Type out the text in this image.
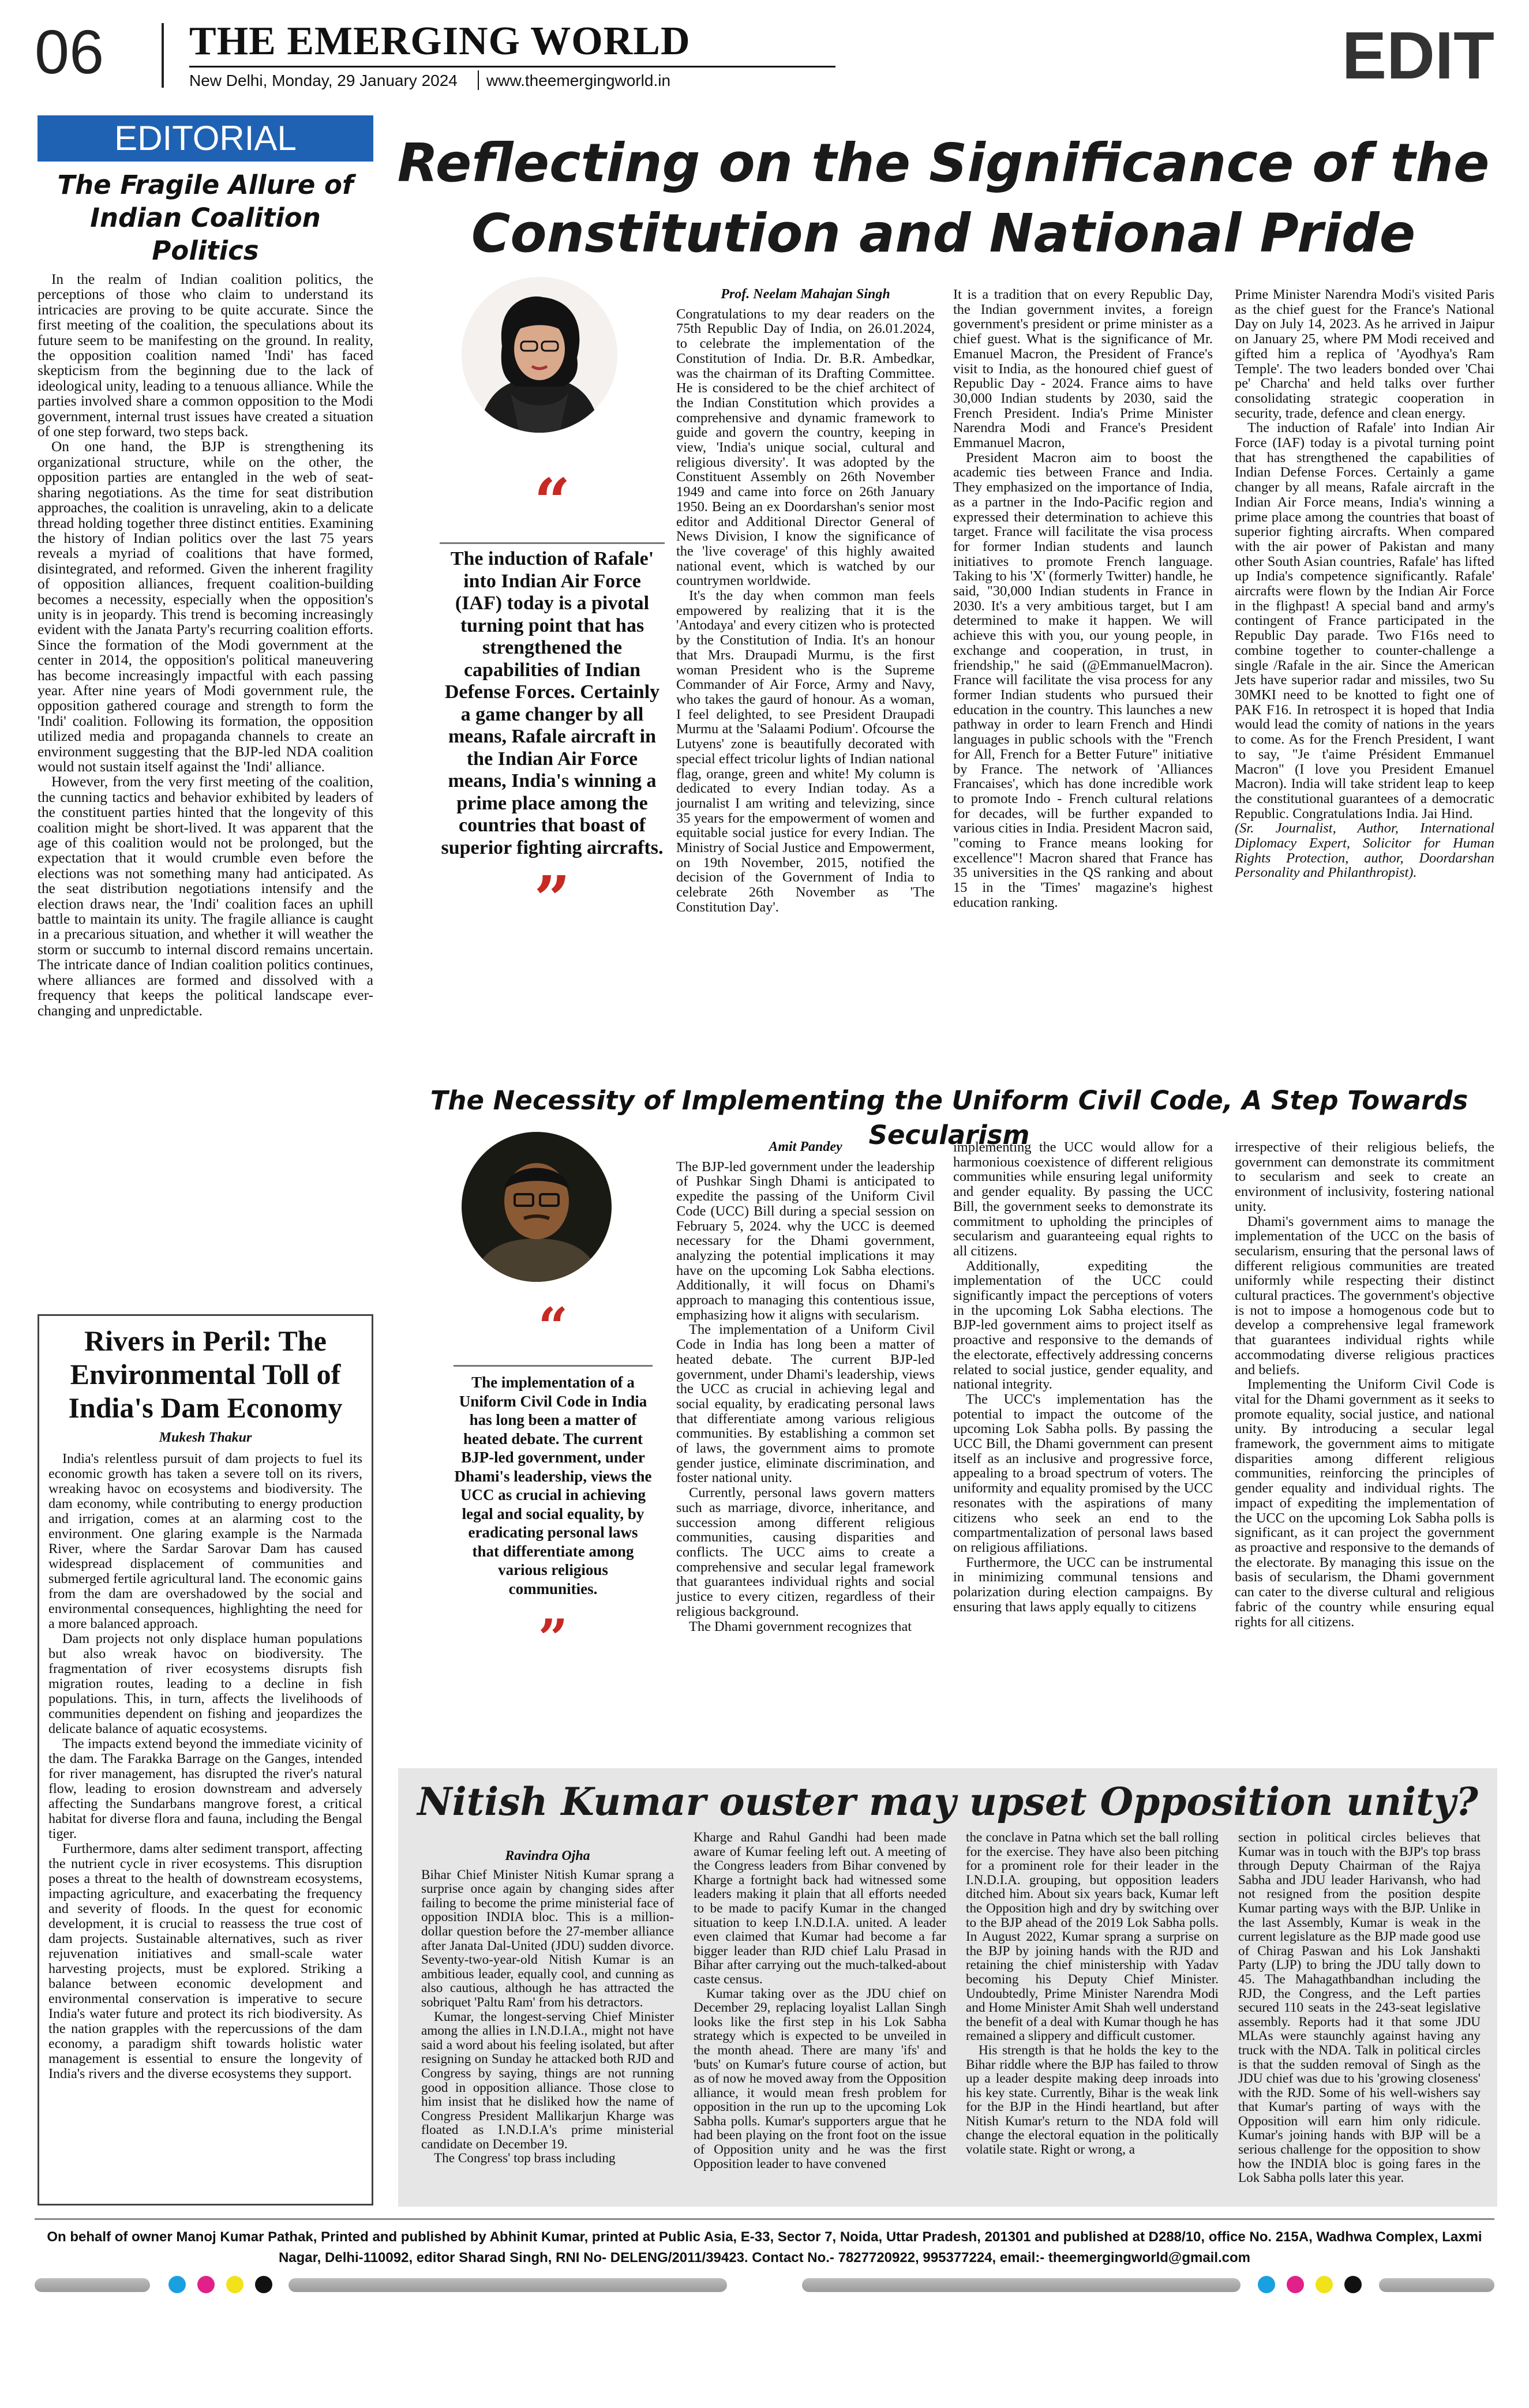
06 THE EMERGING WORLD
New Delhi, Monday, 29 January 2024 www.theemergingworld.in	EDIT
EDITORIAL
The Fragile Allure of Indian Coalition Politics

In the realm of Indian coalition politics, the perceptions of those who claim to understand its intricacies are proving to be quite accurate. Since the first meeting of the coalition, the speculations about its future seem to be manifesting on the ground. In reality, the opposition coalition named 'Indi' has faced skepticism from the beginning due to the lack of ideological unity, leading to a tenuous alliance. While the parties involved share a common opposition to the Modi government, internal trust issues have created a situation of one step forward, two steps back.

On one hand, the BJP is strengthening its organizational structure, while on the other, the opposition parties are entangled in the web of seat-sharing negotiations. As the time for seat distribution approaches, the coalition is unraveling, akin to a delicate thread holding together three distinct entities. Examining the history of Indian politics over the last 75 years reveals a myriad of coalitions that have formed, disintegrated, and reformed. Given the inherent fragility of opposition alliances, frequent coalition-building becomes a necessity, especially when the opposition's unity is in jeopardy. This trend is becoming increasingly evident with the Janata Party's recurring coalition efforts. Since the formation of the Modi government at the center in 2014, the opposition's political maneuvering has become increasingly impactful with each passing year. After nine years of Modi government rule, the opposition gathered courage and strength to form the 'Indi' coalition. Following its formation, the opposition utilized media and propaganda channels to create an environment suggesting that the BJP-led NDA coalition would not sustain itself against the 'Indi' alliance.

However, from the very first meeting of the coalition, the cunning tactics and behavior exhibited by leaders of the constituent parties hinted that the longevity of this coalition might be short-lived. It was apparent that the age of this coalition would not be prolonged, but the expectation that it would crumble even before the elections was not something many had anticipated. As the seat distribution negotiations intensify and the election draws near, the 'Indi' coalition faces an uphill battle to maintain its unity. The fragile alliance is caught in a precarious situation, and whether it will weather the storm or succumb to internal discord remains uncertain. The intricate dance of Indian coalition politics continues, where alliances are formed and dissolved with a frequency that keeps the political landscape ever-changing and unpredictable.

Rivers in Peril: The Environmental Toll of India's Dam Economy
Mukesh Thakur

India's relentless pursuit of dam projects to fuel its economic growth has taken a severe toll on its rivers, wreaking havoc on ecosystems and biodiversity. The dam economy, while contributing to energy production and irrigation, comes at an alarming cost to the environment. One glaring example is the Narmada River, where the Sardar Sarovar Dam has caused widespread displacement of communities and submerged fertile agricultural land. The economic gains from the dam are overshadowed by the social and environmental consequences, highlighting the need for a more balanced approach.

Dam projects not only displace human populations but also wreak havoc on biodiversity. The fragmentation of river ecosystems disrupts fish migration routes, leading to a decline in fish populations. This, in turn, affects the livelihoods of communities dependent on fishing and jeopardizes the delicate balance of aquatic ecosystems.

The impacts extend beyond the immediate vicinity of the dam. The Farakka Barrage on the Ganges, intended for river management, has disrupted the river's natural flow, leading to erosion downstream and adversely affecting the Sundarbans mangrove forest, a critical habitat for diverse flora and fauna, including the Bengal tiger.

Furthermore, dams alter sediment transport, affecting the nutrient cycle in river ecosystems. This disruption poses a threat to the health of downstream ecosystems, impacting agriculture, and exacerbating the frequency and severity of floods. In the quest for economic development, it is crucial to reassess the true cost of dam projects. Sustainable alternatives, such as river rejuvenation initiatives and small-scale water harvesting projects, must be explored. Striking a balance between economic development and environmental conservation is imperative to secure India's water future and protect its rich biodiversity. As the nation grapples with the repercussions of the dam economy, a paradigm shift towards holistic water management is essential to ensure the longevity of India's rivers and the diverse ecosystems they support.

Reflecting on the Significance of the Constitution and National Pride
“
The induction of Rafale' into Indian Air Force (IAF) today is a pivotal turning point that has strengthened the capabilities of Indian Defense Forces. Certainly a game changer by all means, Rafale aircraft in the Indian Air Force means, India's winning a prime place among the countries that boast of superior fighting aircrafts.
”
Prof. Neelam Mahajan Singh

Congratulations to my dear readers on the 75th Republic Day of India, on 26.01.2024, to celebrate the implementation of the Constitution of India. Dr. B.R. Ambedkar, was the chairman of its Drafting Committee. He is considered to be the chief architect of the Indian Constitution which provides a comprehensive and dynamic framework to guide and govern the country, keeping in view, 'India's unique social, cultural and religious diversity'. It was adopted by the Constituent Assembly on 26th November 1949 and came into force on 26th January 1950. Being an ex Doordarshan's senior most editor and Additional Director General of News Division, I know the significance of the 'live coverage' of this highly awaited national event, which is watched by our countrymen worldwide.

It's the day when common man feels empowered by realizing that it is the 'Antodaya' and every citizen who is protected by the Constitution of India. It's an honour that Mrs. Draupadi Murmu, is the first woman President who is the Supreme Commander of Air Force, Army and Navy, who takes the gaurd of honour. As a woman, I feel delighted, to see President Draupadi Murmu at the 'Salaami Podium'. Ofcourse the Lutyens' zone is beautifully decorated with special effect tricolur lights of Indian national flag, orange, green and white! My column is dedicated to every Indian today. As a journalist I am writing and televizing, since 35 years for the empowerment of women and equitable social justice for every Indian. The Ministry of Social Justice and Empowerment, on 19th November, 2015, notified the decision of the Government of India to celebrate 26th November as 'The Constitution Day'.

It is a tradition that on every Republic Day, the Indian government invites, a foreign government's president or prime minister as a chief guest. What is the significance of Mr. Emanuel Macron, the President of France's visit to India, as the honoured chief guest of Republic Day - 2024. France aims to have 30,000 Indian students by 2030, said the French President. India's Prime Minister Narendra Modi and France's President Emmanuel Macron,

President Macron aim to boost the academic ties between France and India. They emphasized on the importance of India, as a partner in the Indo-Pacific region and expressed their determination to achieve this target. France will facilitate the visa process for former Indian students and launch initiatives to promote French language. Taking to his 'X' (formerly Twitter) handle, he said, "30,000 Indian students in France in 2030. It's a very ambitious target, but I am determined to make it happen. We will achieve this with you, our young people, in exchange and cooperation, in trust, in friendship," he said (@EmmanuelMacron). France will facilitate the visa process for any former Indian students who pursued their education in the country. This launches a new pathway in order to learn French and Hindi languages in public schools with the "French for All, French for a Better Future" initiative by France. The network of 'Alliances Francaises', which has done incredible work to promote Indo - French cultural relations for decades, will be further expanded to various cities in India. President Macron said, "coming to France means looking for excellence"! Macron shared that France has 35 universities in the QS ranking and about 15 in the 'Times' magazine's highest education ranking.

Prime Minister Narendra Modi's visited Paris as the chief guest for the France's National Day on July 14, 2023. As he arrived in Jaipur on January 25, where PM Modi received and gifted him a replica of 'Ayodhya's Ram Temple'. The two leaders bonded over 'Chai pe' Charcha' and held talks over further consolidating strategic cooperation in security, trade, defence and clean energy.

The induction of Rafale' into Indian Air Force (IAF) today is a pivotal turning point that has strengthened the capabilities of Indian Defense Forces. Certainly a game changer by all means, Rafale aircraft in the Indian Air Force means, India's winning a prime place among the countries that boast of superior fighting aircrafts. When compared with the air power of Pakistan and many other South Asian countries, Rafale' has lifted up India's competence significantly. Rafale' aircrafts were flown by the Indian Air Force in the flighpast! A special band and army's contingent of France participated in the Republic Day parade. Two F16s need to combine together to counter-challenge a single /Rafale in the air. Since the American Jets have superior radar and missiles, two Su 30MKI need to be knotted to fight one of PAK F16. In retrospect it is hoped that India would lead the comity of nations in the years to come. As for the French President, I want to say, "Je t'aime Président Emmanuel Macron" (I love you President Emanuel Macron). India will take strident leap to keep the constitutional guarantees of a democratic Republic. Congratulations India. Jai Hind.

(Sr. Journalist, Author, International Diplomacy Expert, Solicitor for Human Rights Protection, author, Doordarshan Personality and Philanthropist).

The Necessity of Implementing the Uniform Civil Code, A Step Towards Secularism
“
The implementation of a Uniform Civil Code in India has long been a matter of heated debate. The current BJP-led government, under Dhami's leadership, views the UCC as crucial in achieving legal and social equality, by eradicating personal laws that differentiate among various religious communities.
”
Amit Pandey

The BJP-led government under the leadership of Pushkar Singh Dhami is anticipated to expedite the passing of the Uniform Civil Code (UCC) Bill during a special session on February 5, 2024. why the UCC is deemed necessary for the Dhami government, analyzing the potential implications it may have on the upcoming Lok Sabha elections. Additionally, it will focus on Dhami's approach to managing this contentious issue, emphasizing how it aligns with secularism.

The implementation of a Uniform Civil Code in India has long been a matter of heated debate. The current BJP-led government, under Dhami's leadership, views the UCC as crucial in achieving legal and social equality, by eradicating personal laws that differentiate among various religious communities. By establishing a common set of laws, the government aims to promote gender justice, eliminate discrimination, and foster national unity.

Currently, personal laws govern matters such as marriage, divorce, inheritance, and succession among different religious communities, causing disparities and conflicts. The UCC aims to create a comprehensive and secular legal framework that guarantees individual rights and social justice to every citizen, regardless of their religious background.

The Dhami government recognizes that

implementing the UCC would allow for a harmonious coexistence of different religious communities while ensuring legal uniformity and gender equality. By passing the UCC Bill, the government seeks to demonstrate its commitment to upholding the principles of secularism and guaranteeing equal rights to all citizens.

Additionally, expediting the implementation of the UCC could significantly impact the perceptions of voters in the upcoming Lok Sabha elections. The BJP-led government aims to project itself as proactive and responsive to the demands of the electorate, effectively addressing concerns related to social justice, gender equality, and national integrity.

The UCC's implementation has the potential to impact the outcome of the upcoming Lok Sabha polls. By passing the UCC Bill, the Dhami government can present itself as an inclusive and progressive force, appealing to a broad spectrum of voters. The uniformity and equality promised by the UCC resonates with the aspirations of many citizens who seek an end to the compartmentalization of personal laws based on religious affiliations.

Furthermore, the UCC can be instrumental in minimizing communal tensions and polarization during election campaigns. By ensuring that laws apply equally to citizens

irrespective of their religious beliefs, the government can demonstrate its commitment to secularism and seek to create an environment of inclusivity, fostering national unity.

Dhami's government aims to manage the implementation of the UCC on the basis of secularism, ensuring that the personal laws of different religious communities are treated uniformly while respecting their distinct cultural practices. The government's objective is not to impose a homogenous code but to develop a comprehensive legal framework that guarantees individual rights while accommodating diverse religious practices and beliefs.

Implementing the Uniform Civil Code is vital for the Dhami government as it seeks to promote equality, social justice, and national unity. By introducing a secular legal framework, the government aims to mitigate disparities among different religious communities, reinforcing the principles of gender equality and individual rights. The impact of expediting the implementation of the UCC on the upcoming Lok Sabha polls is significant, as it can project the government as proactive and responsive to the demands of the electorate. By managing this issue on the basis of secularism, the Dhami government can cater to the diverse cultural and religious fabric of the country while ensuring equal rights for all citizens.

Nitish Kumar ouster may upset Opposition unity?
Ravindra Ojha

Bihar Chief Minister Nitish Kumar sprang a surprise once again by changing sides after failing to become the prime ministerial face of opposition INDIA bloc. This is a million-dollar question before the 27-member alliance after Janata Dal-United (JDU) sudden divorce. Seventy-two-year-old Nitish Kumar is an ambitious leader, equally cool, and cunning as also cautious, although he has attracted the sobriquet 'Paltu Ram' from his detractors.

Kumar, the longest-serving Chief Minister among the allies in I.N.D.I.A., might not have said a word about his feeling isolated, but after resigning on Sunday he attacked both RJD and Congress by saying, things are not running good in opposition alliance. Those close to him insist that he disliked how the name of Congress President Mallikarjun Kharge was floated as I.N.D.I.A's prime ministerial candidate on December 19.

The Congress' top brass including

Kharge and Rahul Gandhi had been made aware of Kumar feeling left out. A meeting of the Congress leaders from Bihar convened by Kharge a fortnight back had witnessed some leaders making it plain that all efforts needed to be made to pacify Kumar in the changed situation to keep I.N.D.I.A. united. A leader even claimed that Kumar had become a far bigger leader than RJD chief Lalu Prasad in Bihar after carrying out the much-talked-about caste census.

Kumar taking over as the JDU chief on December 29, replacing loyalist Lallan Singh looks like the first step in his Lok Sabha strategy which is expected to be unveiled in the month ahead. There are many 'ifs' and 'buts' on Kumar's future course of action, but as of now he moved away from the Opposition alliance, it would mean fresh problem for opposition in the run up to the upcoming Lok Sabha polls. Kumar's supporters argue that he had been playing on the front foot on the issue of Opposition unity and he was the first Opposition leader to have convened

the conclave in Patna which set the ball rolling for the exercise. They have also been pitching for a prominent role for their leader in the I.N.D.I.A. grouping, but opposition leaders ditched him. About six years back, Kumar left the Opposition high and dry by switching over to the BJP ahead of the 2019 Lok Sabha polls. In August 2022, Kumar sprang a surprise on the BJP by joining hands with the RJD and retaining the chief ministership with Yadav becoming his Deputy Chief Minister. Undoubtedly, Prime Minister Narendra Modi and Home Minister Amit Shah well understand the benefit of a deal with Kumar though he has remained a slippery and difficult customer.

His strength is that he holds the key to the Bihar riddle where the BJP has failed to throw up a leader despite making deep inroads into his key state. Currently, Bihar is the weak link for the BJP in the Hindi heartland, but after Nitish Kumar's return to the NDA fold will change the electoral equation in the politically volatile state. Right or wrong, a

section in political circles believes that Kumar was in touch with the BJP's top brass through Deputy Chairman of the Rajya Sabha and JDU leader Harivansh, who had not resigned from the position despite Kumar parting ways with the BJP. Unlike in the last Assembly, Kumar is weak in the current legislature as the BJP made good use of Chirag Paswan and his Lok Janshakti Party (LJP) to bring the JDU tally down to 45. The Mahagathbandhan including the RJD, the Congress, and the Left parties secured 110 seats in the 243-seat legislative assembly. Reports had it that some JDU MLAs were staunchly against having any truck with the NDA. Talk in political circles is that the sudden removal of Singh as the JDU chief was due to his 'growing closeness' with the RJD. Some of his well-wishers say that Kumar's parting of ways with the Opposition will earn him only ridicule. Kumar's joining hands with BJP will be a serious challenge for the opposition to show how the INDIA bloc is going fares in the Lok Sabha polls later this year.

On behalf of owner Manoj Kumar Pathak, Printed and published by Abhinit Kumar, printed at Public Asia, E-33, Sector 7, Noida, Uttar Pradesh, 201301 and published at D288/10, office No. 215A, Wadhwa Complex, Laxmi Nagar, Delhi-110092, editor Sharad Singh, RNI No- DELENG/2011/39423. Contact No.- 7827720922, 995377224, email:- theemergingworld@gmail.com
